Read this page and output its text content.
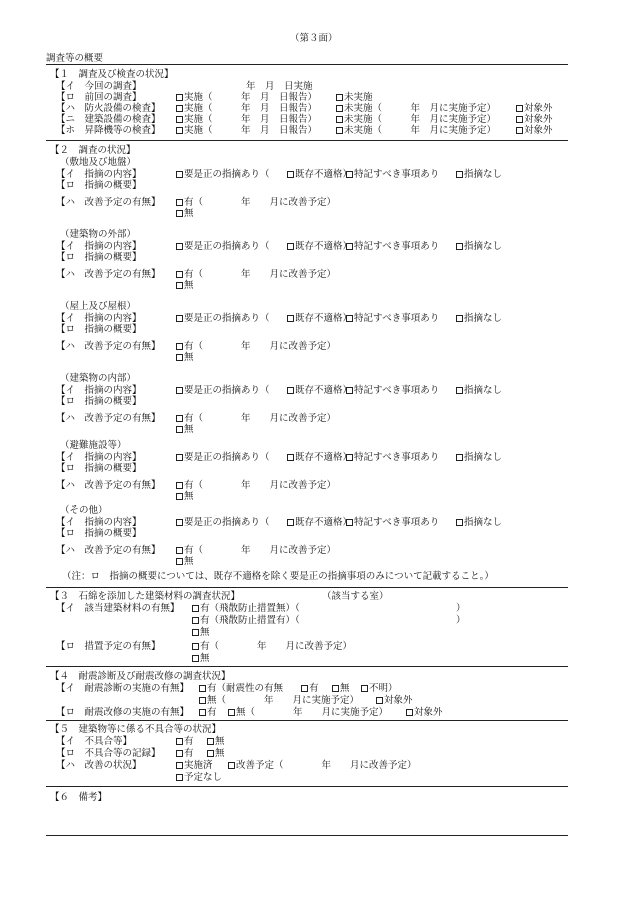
（第３面）
調査等の概要
【１　調査及び検査の状況】
【イ　今回の調査】	年　月　日実施
【ロ　前回の調査】	実施（　　　年　月　日報告）	未実施
【ハ　防火設備の検査】	実施（　　　年　月　日報告）	未実施（　　　年　月に実施予定）	対象外
【ニ　建築設備の検査】	実施（　　　年　月　日報告）	未実施（　　　年　月に実施予定）	対象外
【ホ　昇降機等の検査】	実施（　　　年　月　日報告）	未実施（　　　年　月に実施予定）	対象外
【２　調査の状況】
（敷地及び地盤）
【イ　指摘の内容】	要是正の指摘あり（	既存不適格） 特記すべき事項あり	指摘なし
【ロ　指摘の概要】
【ハ　改善予定の有無】	有（　　　　年　　月に改善予定）
無
（建築物の外部）
【イ　指摘の内容】	要是正の指摘あり（	既存不適格） 特記すべき事項あり	指摘なし
【ロ　指摘の概要】
【ハ　改善予定の有無】	有（　　　　年　　月に改善予定）
無
（屋上及び屋根）
【イ　指摘の内容】	要是正の指摘あり（	既存不適格） 特記すべき事項あり	指摘なし
【ロ　指摘の概要】
【ハ　改善予定の有無】	有（　　　　年　　月に改善予定）
無
（建築物の内部）
【イ　指摘の内容】	要是正の指摘あり（	既存不適格） 特記すべき事項あり	指摘なし
【ロ　指摘の概要】
【ハ　改善予定の有無】	有（　　　　年　　月に改善予定）
無
（避難施設等）
【イ　指摘の内容】	要是正の指摘あり（	既存不適格） 特記すべき事項あり	指摘なし
【ロ　指摘の概要】
【ハ　改善予定の有無】	有（　　　　年　　月に改善予定）
無
（その他）
【イ　指摘の内容】	要是正の指摘あり（	既存不適格） 特記すべき事項あり	指摘なし
【ロ　指摘の概要】
【ハ　改善予定の有無】	有（　　　　年　　月に改善予定）
無
（注：ロ　指摘の概要については、既存不適格を除く要是正の指摘事項のみについて記載すること。）
【３　石綿を添加した建築材料の調査状況】	（該当する室）
【イ　該当建築材料の有無】	有（飛散防止措置無）（	）
有（飛散防止措置有）（	）
無
【ロ　措置予定の有無】	有（　　　　年　　月に改善予定）
無
【４　耐震診断及び耐震改修の調査状況】
【イ　耐震診断の実施の有無】	有（耐震性の有無	有	無	不明）
無（　　　　年　　月に実施予定）	対象外
【ロ　耐震改修の実施の有無】	有	無（　　　　年　　月に実施予定）	対象外
【５　建築物等に係る不具合等の状況】
【イ　不具合等】	有	無
【ロ　不具合等の記録】	有	無
【ハ　改善の状況】	実施済	改善予定（　　　　年　　月に改善予定）
予定なし
【６　備考】
